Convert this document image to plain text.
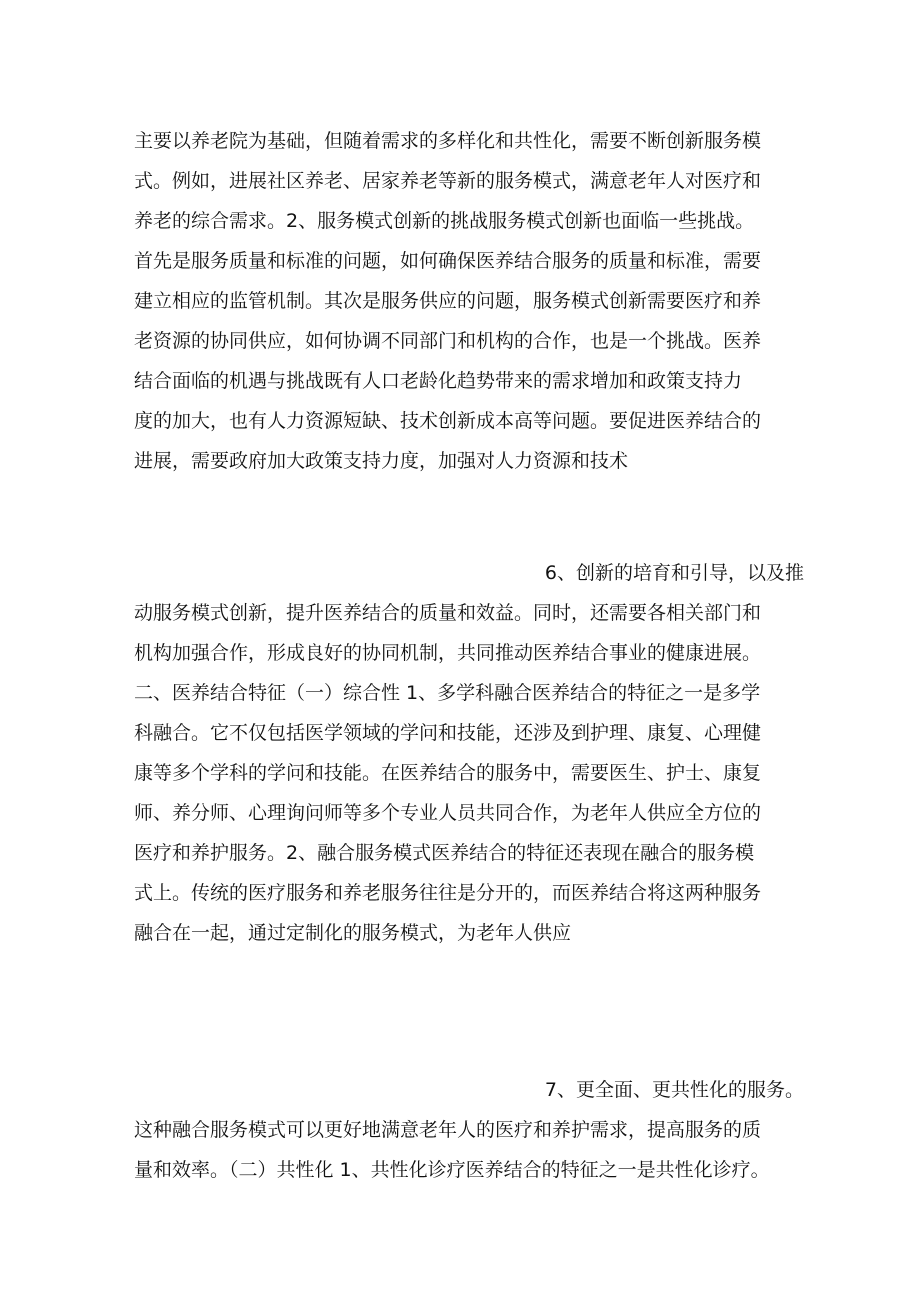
主要以养老院为基础，但随着需求的多样化和共性化，需要不断创新服务模
式。例如，进展社区养老、居家养老等新的服务模式，满意老年人对医疗和
养老的综合需求。2、服务模式创新的挑战服务模式创新也面临一些挑战。
首先是服务质量和标准的问题，如何确保医养结合服务的质量和标准，需要
建立相应的监管机制。其次是服务供应的问题，服务模式创新需要医疗和养
老资源的协同供应，如何协调不同部门和机构的合作，也是一个挑战。医养
结合面临的机遇与挑战既有人口老龄化趋势带来的需求增加和政策支持力
度的加大，也有人力资源短缺、技术创新成本高等问题。要促进医养结合的
进展，需要政府加大政策支持力度，加强对人力资源和技术
6、创新的培育和引导，以及推
动服务模式创新，提升医养结合的质量和效益。同时，还需要各相关部门和
机构加强合作，形成良好的协同机制，共同推动医养结合事业的健康进展。
二、医养结合特征（一）综合性 1、多学科融合医养结合的特征之一是多学
科融合。它不仅包括医学领域的学问和技能，还涉及到护理、康复、心理健
康等多个学科的学问和技能。在医养结合的服务中，需要医生、护士、康复
师、养分师、心理询问师等多个专业人员共同合作，为老年人供应全方位的
医疗和养护服务。2、融合服务模式医养结合的特征还表现在融合的服务模
式上。传统的医疗服务和养老服务往往是分开的，而医养结合将这两种服务
融合在一起，通过定制化的服务模式，为老年人供应
7、更全面、更共性化的服务。
这种融合服务模式可以更好地满意老年人的医疗和养护需求，提高服务的质
量和效率。（二）共性化 1、共性化诊疗医养结合的特征之一是共性化诊疗。
